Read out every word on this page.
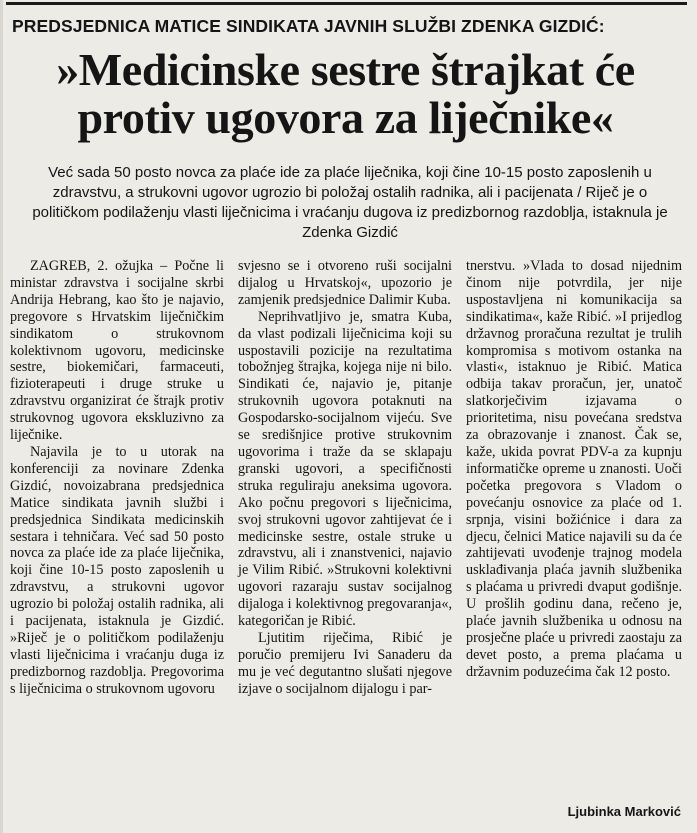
PREDSJEDNICA MATICE SINDIKATA JAVNIH SLUŽBI ZDENKA GIZDIĆ:
»Medicinske sestre štrajkat će protiv ugovora za liječnike«
Već sada 50 posto novca za plaće ide za plaće liječnika, koji čine 10-15 posto zaposlenih u zdravstvu, a strukovni ugovor ugrozio bi položaj ostalih radnika, ali i pacijenata / Riječ je o političkom podilaženju vlasti liječnicima i vraćanju dugova iz predizbornog razdoblja, istaknula je Zdenka Gizdić

ZAGREB, 2. ožujka – Počne li ministar zdravstva i socijalne skrbi Andrija Hebrang, kao što je najavio, pregovore s Hrvatskim liječničkim sindikatom o strukovnom kolektivnom ugovoru, medicinske sestre, biokemičari, farmaceuti, fizioterapeuti i druge struke u zdravstvu organizirat će štrajk protiv strukovnog ugovora ekskluzivno za liječnike.

Najavila je to u utorak na konferenciji za novinare Zdenka Gizdić, novoizabrana predsjednica Matice sindikata javnih službi i predsjednica Sindikata medicinskih sestara i tehničara. Već sad 50 posto novca za plaće ide za plaće liječnika, koji čine 10-15 posto zaposlenih u zdravstvu, a strukovni ugovor ugrozio bi položaj ostalih radnika, ali i pacijenata, istaknula je Gizdić. »Riječ je o političkom podilaženju vlasti liječnicima i vraćanju duga iz predizbornog razdoblja. Pregovorima s liječnicima o strukovnom ugovoru

svjesno se i otvoreno ruši socijalni dijalog u Hrvatskoj«, upozorio je zamjenik predsjednice Dalimir Kuba.

Neprihvatljivo je, smatra Kuba, da vlast podizali liječnicima koji su uspostavili pozicije na rezultatima tobožnjeg štrajka, kojega nije ni bilo. Sindikati će, najavio je, pitanje strukovnih ugovora potaknuti na Gospodarsko-socijalnom vijeću. Sve se središnjice protive strukovnim ugovorima i traže da se sklapaju granski ugovori, a specifičnosti struka reguliraju aneksima ugovora. Ako počnu pregovori s liječnicima, svoj strukovni ugovor zahtijevat će i medicinske sestre, ostale struke u zdravstvu, ali i znanstvenici, najavio je Vilim Ribić. »Strukovni kolektivni ugovori razaraju sustav socijalnog dijaloga i kolektivnog pregovaranja«, kategoričan je Ribić.

Ljutitim riječima, Ribić je poručio premijeru Ivi Sanaderu da mu je već degutantno slušati njegove izjave o socijalnom dijalogu i par-

tnerstvu. »Vlada to dosad nijednim činom nije potvrdila, jer nije uspostavljena ni komunikacija sa sindikatima«, kaže Ribić. »I prijedlog državnog proračuna rezultat je trulih kompromisa s motivom ostanka na vlasti«, istaknuo je Ribić. Matica odbija takav proračun, jer, unatoč slatkorječivim izjavama o prioritetima, nisu povećana sredstva za obrazovanje i znanost. Čak se, kaže, ukida povrat PDV-a za kupnju informatičke opreme u znanosti. Uoči početka pregovora s Vladom o povećanju osnovice za plaće od 1. srpnja, visini božićnice i dara za djecu, čelnici Matice najavili su da će zahtijevati uvođenje trajnog modela usklađivanja plaća javnih službenika s plaćama u privredi dvaput godišnje. U prošlih godinu dana, rečeno je, plaće javnih službenika u odnosu na prosječne plaće u privredi zaostaju za devet posto, a prema plaćama u državnim poduzećima čak 12 posto.

Ljubinka Marković
